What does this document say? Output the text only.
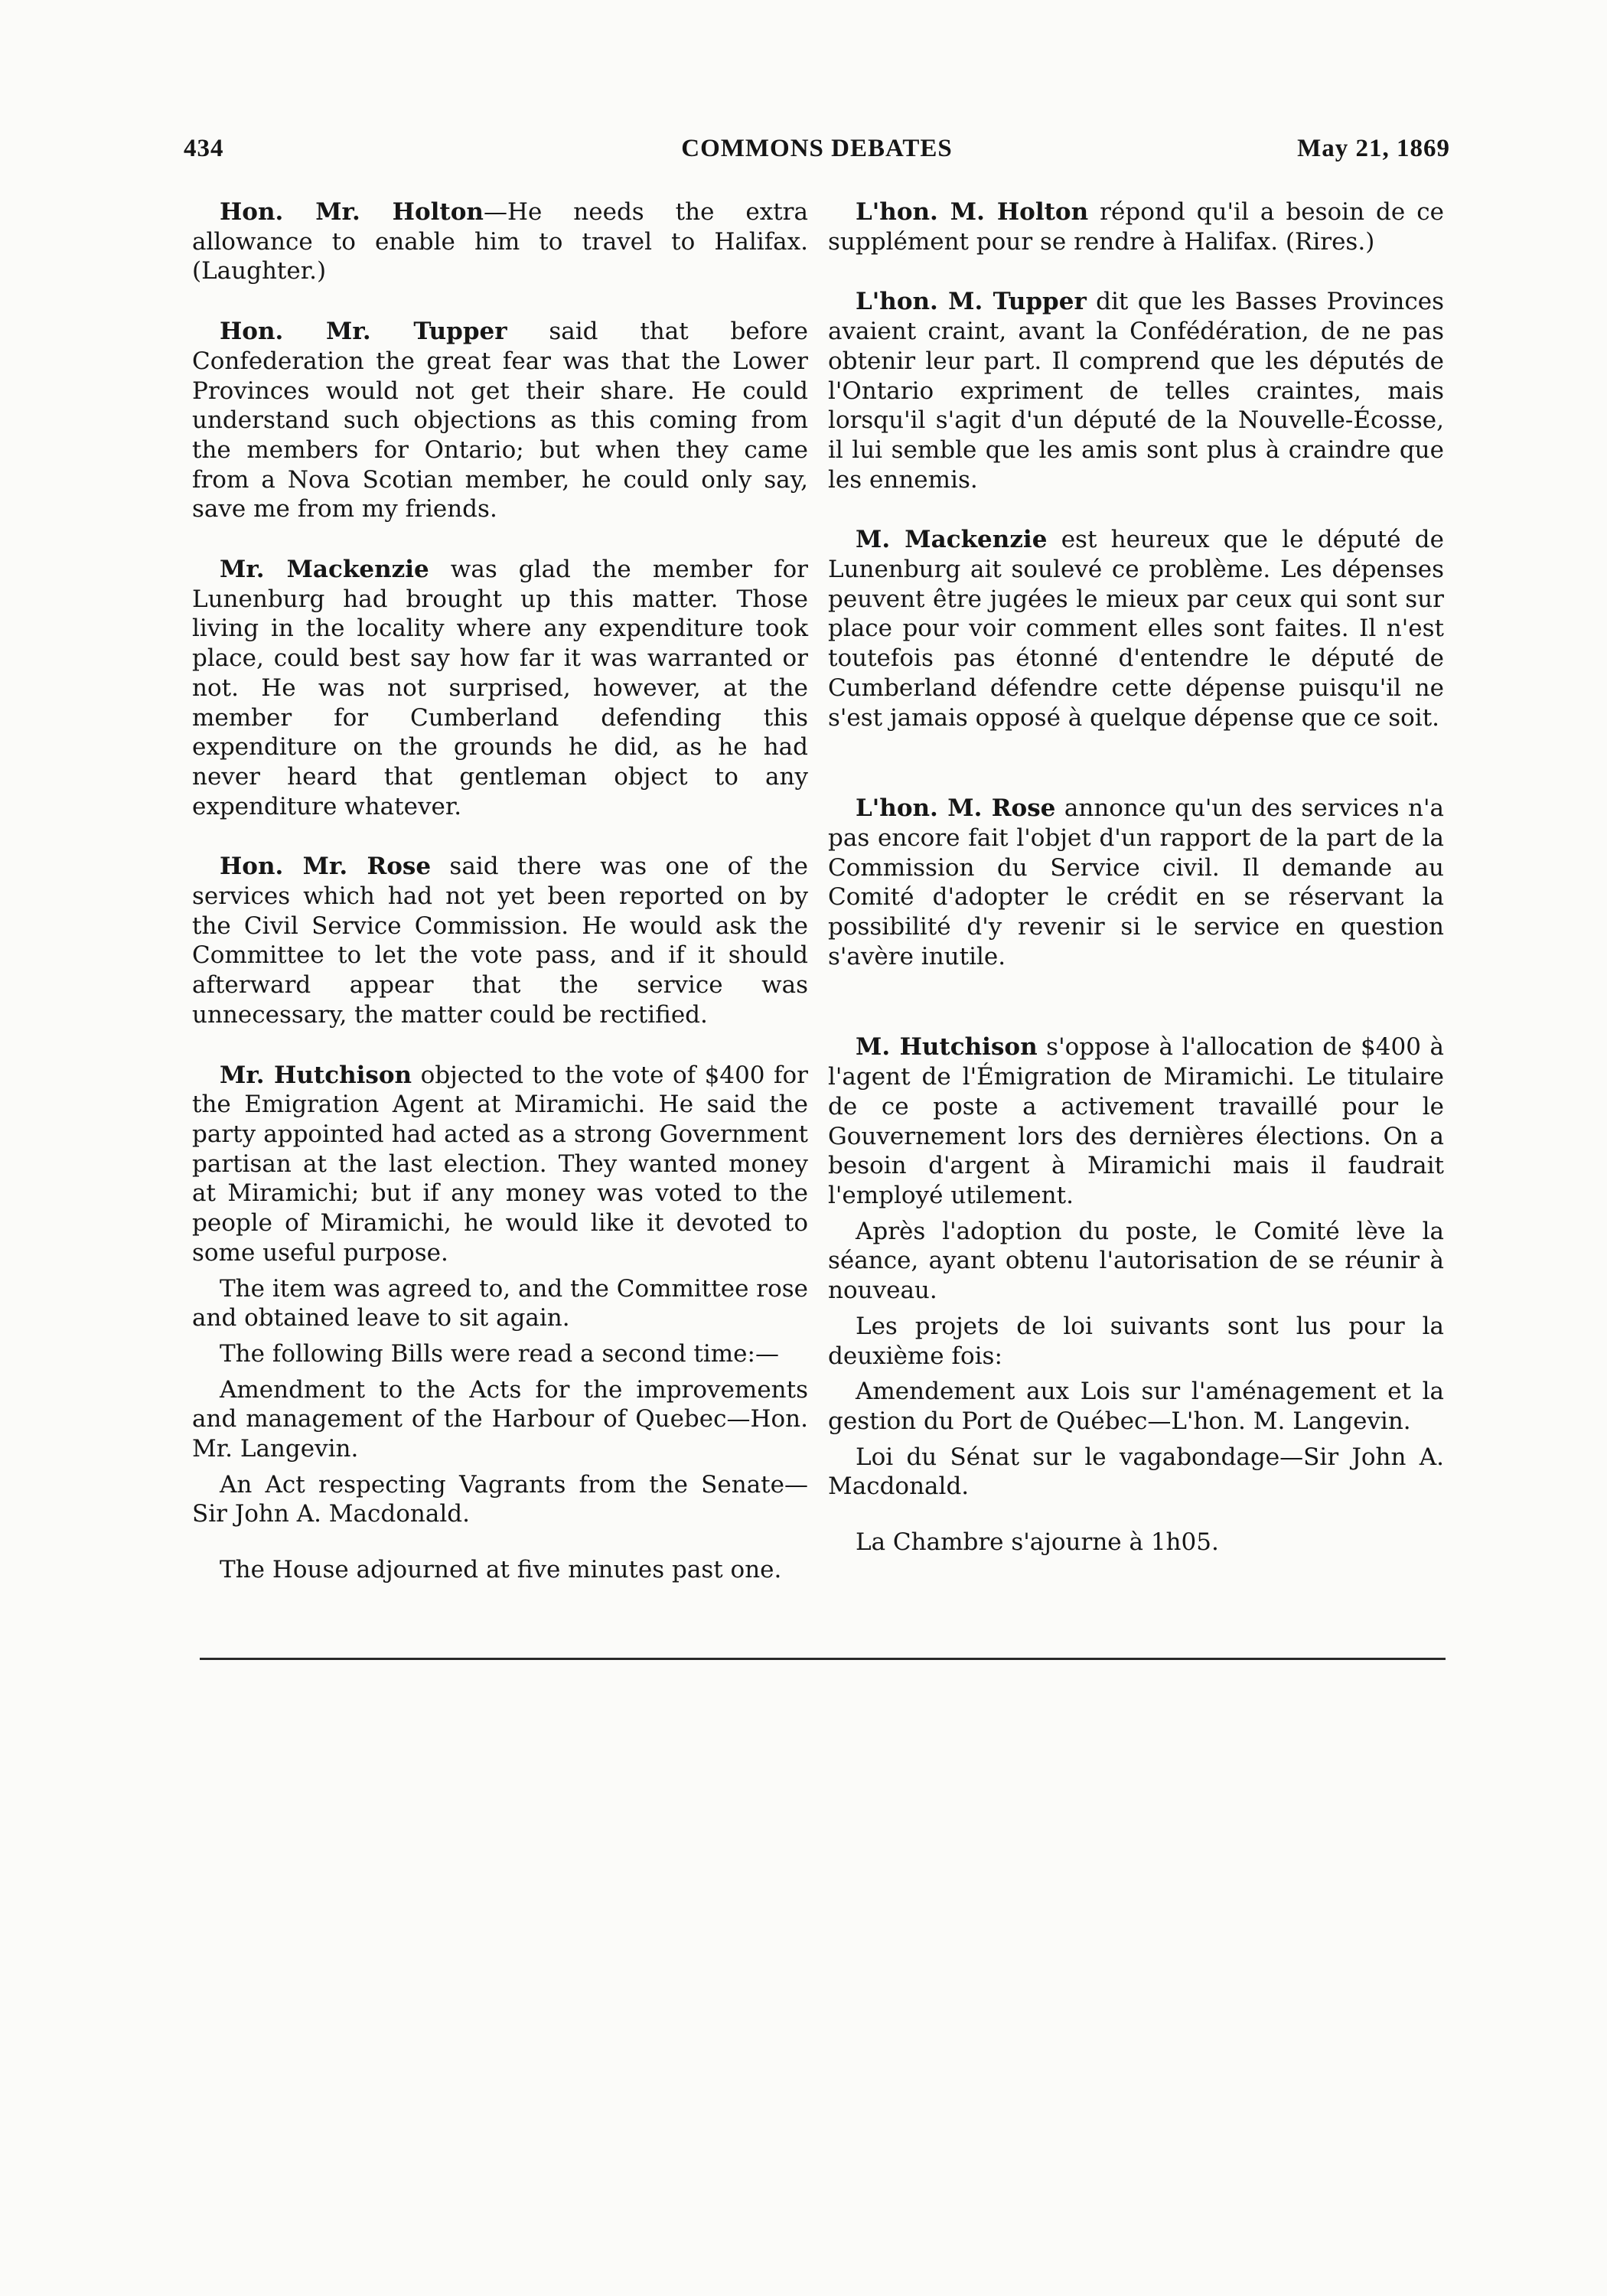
434	COMMONS DEBATES	May 21, 1869

Hon. Mr. Holton—He needs the extra allowance to enable him to travel to Halifax. (Laughter.)

Hon. Mr. Tupper said that before Confederation the great fear was that the Lower Provinces would not get their share. He could understand such objections as this coming from the members for Ontario; but when they came from a Nova Scotian member, he could only say, save me from my friends.

Mr. Mackenzie was glad the member for Lunenburg had brought up this matter. Those living in the locality where any expenditure took place, could best say how far it was warranted or not. He was not surprised, however, at the member for Cumberland defending this expenditure on the grounds he did, as he had never heard that gentleman object to any expenditure whatever.

Hon. Mr. Rose said there was one of the services which had not yet been reported on by the Civil Service Commission. He would ask the Committee to let the vote pass, and if it should afterward appear that the service was unnecessary, the matter could be rectified.

Mr. Hutchison objected to the vote of $400 for the Emigration Agent at Miramichi. He said the party appointed had acted as a strong Government partisan at the last election. They wanted money at Miramichi; but if any money was voted to the people of Miramichi, he would like it devoted to some useful purpose.

The item was agreed to, and the Committee rose and obtained leave to sit again.

The following Bills were read a second time:—

Amendment to the Acts for the improvements and management of the Harbour of Quebec—Hon. Mr. Langevin.

An Act respecting Vagrants from the Senate—Sir John A. Macdonald.

The House adjourned at five minutes past one.

L'hon. M. Holton répond qu'il a besoin de ce supplément pour se rendre à Halifax. (Rires.)

L'hon. M. Tupper dit que les Basses Provinces avaient craint, avant la Confédération, de ne pas obtenir leur part. Il comprend que les députés de l'Ontario expriment de telles craintes, mais lorsqu'il s'agit d'un député de la Nouvelle-Écosse, il lui semble que les amis sont plus à craindre que les ennemis.

M. Mackenzie est heureux que le député de Lunenburg ait soulevé ce problème. Les dépenses peuvent être jugées le mieux par ceux qui sont sur place pour voir comment elles sont faites. Il n'est toutefois pas étonné d'entendre le député de Cumberland défendre cette dépense puisqu'il ne s'est jamais opposé à quelque dépense que ce soit.

L'hon. M. Rose annonce qu'un des services n'a pas encore fait l'objet d'un rapport de la part de la Commission du Service civil. Il demande au Comité d'adopter le crédit en se réservant la possibilité d'y revenir si le service en question s'avère inutile.

M. Hutchison s'oppose à l'allocation de $400 à l'agent de l'Émigration de Miramichi. Le titulaire de ce poste a activement travaillé pour le Gouvernement lors des dernières élections. On a besoin d'argent à Miramichi mais il faudrait l'employé utilement.

Après l'adoption du poste, le Comité lève la séance, ayant obtenu l'autorisation de se réunir à nouveau.

Les projets de loi suivants sont lus pour la deuxième fois:

Amendement aux Lois sur l'aménagement et la gestion du Port de Québec—L'hon. M. Langevin.

Loi du Sénat sur le vagabondage—Sir John A. Macdonald.

La Chambre s'ajourne à 1h05.
